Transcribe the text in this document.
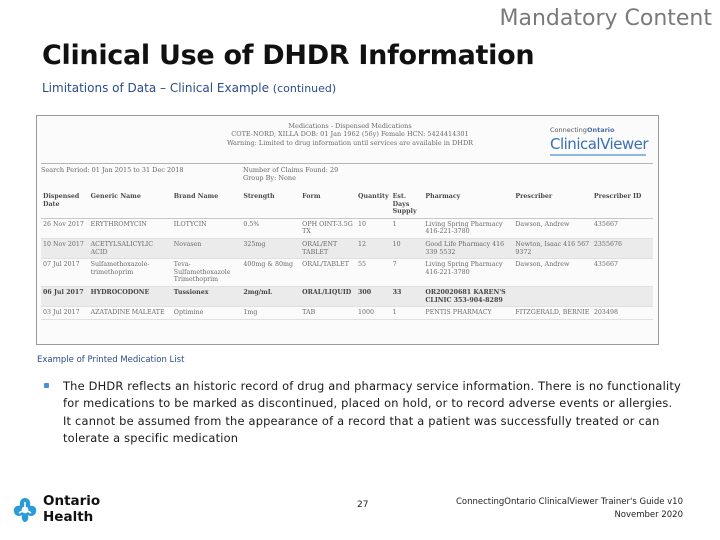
Mandatory Content
Clinical Use of DHDR Information
Limitations of Data – Clinical Example (continued)
Medications - Dispensed Medications
COTE-NORD, XILLA DOB: 01 Jan 1962 (56y) Female HCN: 5424414301
Warning: Limited to drug information until services are available in DHDR
ConnectingOntario
ClinicalViewer
Search Period: 01 Jan 2015 to 31 Dec 2018	Number of Claims Found: 29
Group By: None
Dispensed Date	Generic Name	Brand Name	Strength	Form	Quantity	Est. Days Supply	Pharmacy	Prescriber	Prescriber ID
26 Nov 2017	ERYTHROMYCIN	ILOTYCIN	0.5%	OPH OINT-3.5G TX	10	1	Living Spring Pharmacy 416-221-3780	Dawson, Andrew	435667
10 Nov 2017	ACETYLSALICYLIC ACID	Novasen	325mg	ORAL/ENT TABLET	12	10	Good Life Pharmacy 416 339 5532	Newton, Isaac 416 567 9372	2355676
07 Jul 2017	Sulfamethoxazole-trimethoprim	Teva-Sulfamethoxazole Trimethoprim	400mg & 80mg	ORAL/TABLET	55	7	Living Spring Pharmacy 416-221-3780	Dawson, Andrew	435667
06 Jul 2017	HYDROCODONE	Tussionex	2mg/mL	ORAL/LIQUID	300	33	OR20020681 KAREN'S CLINIC 353-904-8289		
03 Jul 2017	AZATADINE MALEATE	Optimine	1mg	TAB	1000	1	PENTIS PHARMACY	FITZGERALD, BERNIE	203498
Example of Printed Medication List
The DHDR reflects an historic record of drug and pharmacy service information. There is no functionality for medications to be marked as discontinued, placed on hold, or to record adverse events or allergies. It cannot be assumed from the appearance of a record that a patient was successfully treated or can tolerate a specific medication
Ontario
Health
27	ConnectingOntario ClinicalViewer Trainer's Guide v10
November 2020
